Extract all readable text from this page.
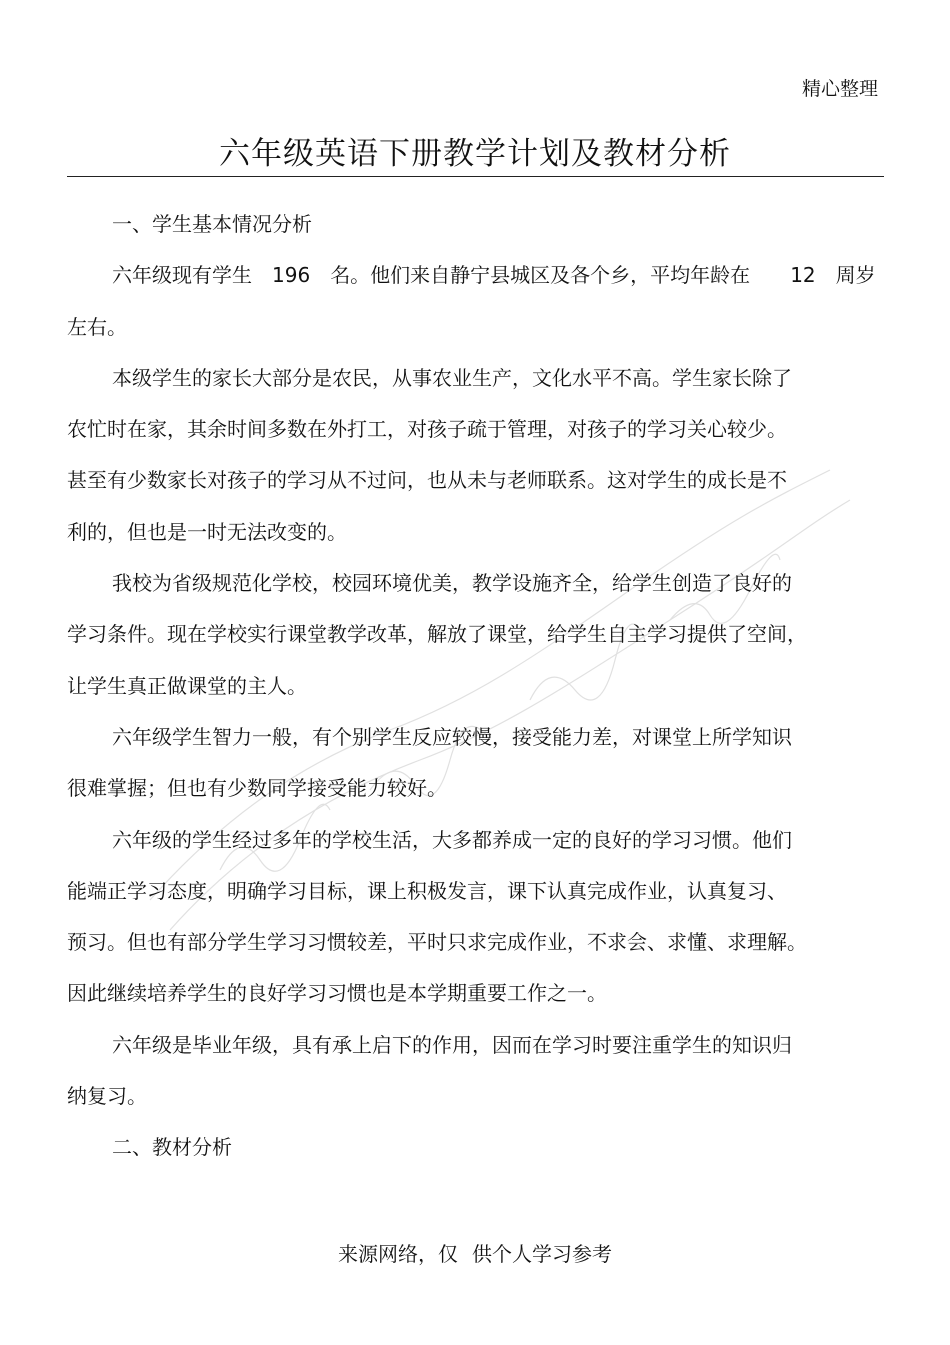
精心整理
六年级英语下册教学计划及教材分析
一、学生基本情况分析
六年级现有学生 196 名。他们来自静宁县城区及各个乡，平均年龄在 12 周岁
左右。
本级学生的家长大部分是农民，从事农业生产，文化水平不高。学生家长除了
农忙时在家，其余时间多数在外打工，对孩子疏于管理，对孩子的学习关心较少。
甚至有少数家长对孩子的学习从不过问，也从未与老师联系。这对学生的成长是不
利的，但也是一时无法改变的。
我校为省级规范化学校，校园环境优美，教学设施齐全，给学生创造了良好的
学习条件。现在学校实行课堂教学改革，解放了课堂，给学生自主学习提供了空间，
让学生真正做课堂的主人。
六年级学生智力一般，有个别学生反应较慢，接受能力差，对课堂上所学知识
很难掌握；但也有少数同学接受能力较好。
六年级的学生经过多年的学校生活，大多都养成一定的良好的学习习惯。他们
能端正学习态度，明确学习目标，课上积极发言，课下认真完成作业，认真复习、
预习。但也有部分学生学习习惯较差，平时只求完成作业，不求会、求懂、求理解。
因此继续培养学生的良好学习习惯也是本学期重要工作之一。
六年级是毕业年级，具有承上启下的作用，因而在学习时要注重学生的知识归
纳复习。
二、教材分析
来源网络，仅 供个人学习参考
